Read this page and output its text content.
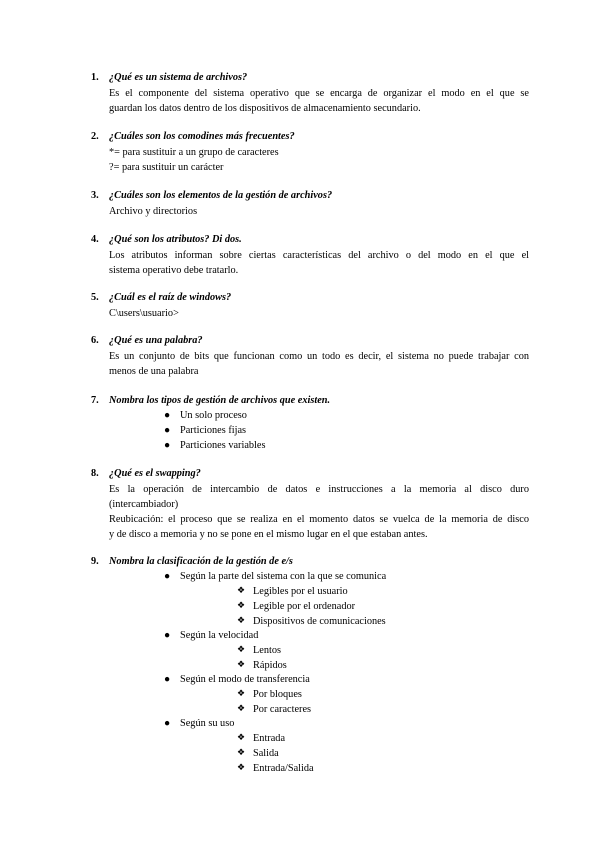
1. ¿Qué es un sistema de archivos?
Es el componente del sistema operativo que se encarga de organizar el modo en el que se
guardan los datos dentro de los dispositivos de almacenamiento secundario.
2. ¿Cuáles son los comodines más frecuentes?
*= para sustituir a un grupo de caracteres
?= para sustituir un carácter
3. ¿Cuáles son los elementos de la gestión de archivos?
Archivo y directorios
4. ¿Qué son los atributos? Di dos.
Los atributos informan sobre ciertas características del archivo o del modo en el que el
sistema operativo debe tratarlo.
5. ¿Cuál es el raíz de windows?
C\users\usuario>
6. ¿Qué es una palabra?
Es un conjunto de bits que funcionan como un todo es decir, el sistema no puede trabajar con
menos de una palabra
7. Nombra los tipos de gestión de archivos que existen.
● Un solo proceso
● Particiones fijas
● Particiones variables
8. ¿Qué es el swapping?
Es la operación de intercambio de datos e instrucciones a la memoria al disco duro
(intercambiador)
Reubicación: el proceso que se realiza en el momento datos se vuelca de la memoria de disco
y de disco a memoria y no se pone en el mismo lugar en el que estaban antes.
9. Nombra la clasificación de la gestión de e/s
● Según la parte del sistema con la que se comunica
❖ Legibles por el usuario
❖ Legible por el ordenador
❖ Dispositivos de comunicaciones
● Según la velocidad
❖ Lentos
❖ Rápidos
● Según el modo de transferencia
❖ Por bloques
❖ Por caracteres
● Según su uso
❖ Entrada
❖ Salida
❖ Entrada/Salida
